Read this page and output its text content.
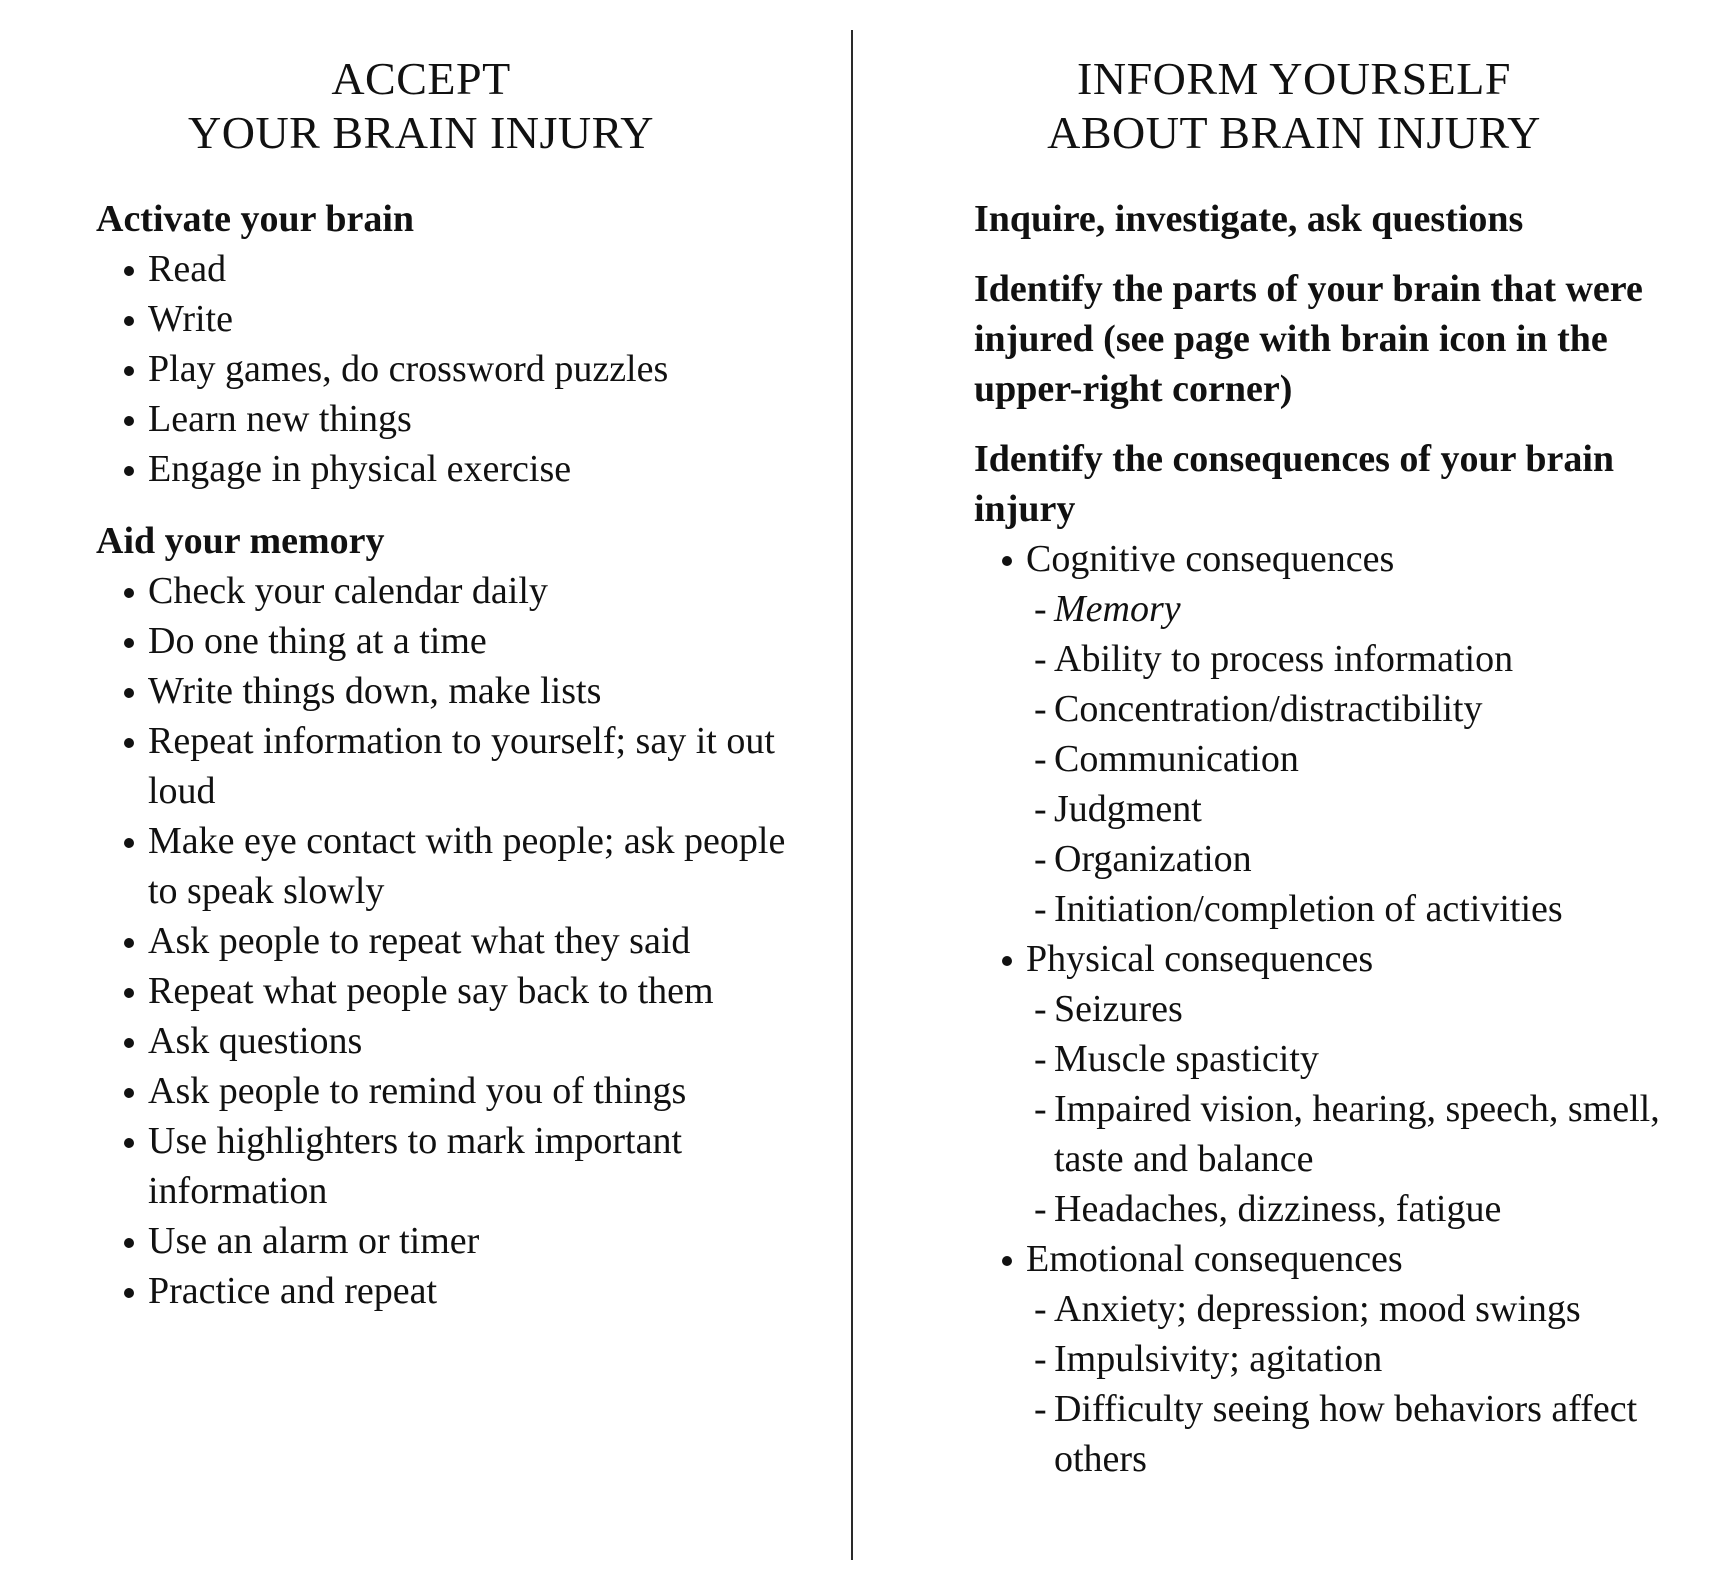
ACCEPT
YOUR BRAIN INJURY

Activate your brain

Read
Write
Play games, do crossword puzzles
Learn new things
Engage in physical exercise

Aid your memory

Check your calendar daily
Do one thing at a time
Write things down, make lists
Repeat information to yourself; say it out loud
Make eye contact with people; ask people to speak slowly
Ask people to repeat what they said
Repeat what people say back to them
Ask questions
Ask people to remind you of things
Use highlighters to mark important information
Use an alarm or timer
Practice and repeat
INFORM YOURSELF
ABOUT BRAIN INJURY

Inquire, investigate, ask questions

Identify the parts of your brain that were injured (see page with brain icon in the upper-right corner)

Identify the consequences of your brain injury

Cognitive consequences
- Memory
- Ability to process information
- Concentration/distractibility
- Communication
- Judgment
- Organization
- Initiation/completion of activities
Physical consequences
- Seizures
- Muscle spasticity
- Impaired vision, hearing, speech, smell, taste and balance
- Headaches, dizziness, fatigue
Emotional consequences
- Anxiety; depression; mood swings
- Impulsivity; agitation
- Difficulty seeing how behaviors affect others
